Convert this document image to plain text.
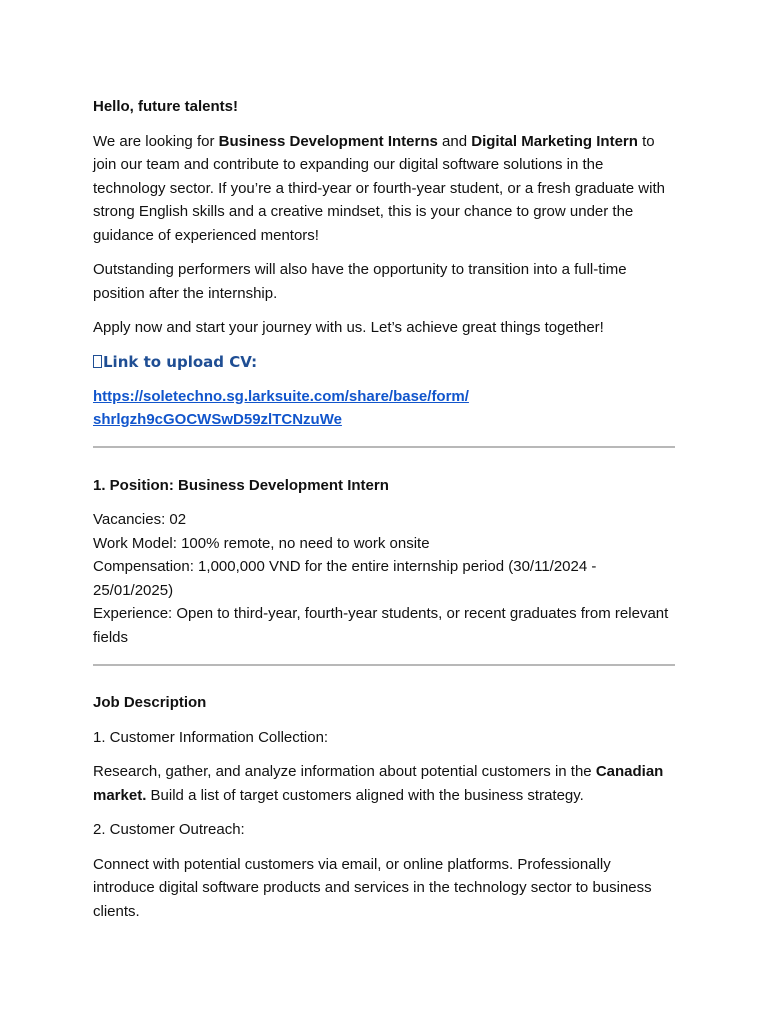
Hello, future talents!

We are looking for Business Development Interns and Digital Marketing Intern to join our team and contribute to expanding our digital software solutions in the technology sector. If you’re a third-year or fourth-year student, or a fresh graduate with strong English skills and a creative mindset, this is your chance to grow under the guidance of experienced mentors!

Outstanding performers will also have the opportunity to transition into a full-time position after the internship.

Apply now and start your journey with us. Let’s achieve great things together!

Link to upload CV:

https://soletechno.sg.larksuite.com/share/base/form/
shrlgzh9cGOCWSwD59zlTCNzuWe

1. Position: Business Development Intern

Vacancies: 02
Work Model: 100% remote, no need to work onsite
Compensation: 1,000,000 VND for the entire internship period (30/11/2024 - 25/01/2025)
Experience: Open to third-year, fourth-year students, or recent graduates from relevant fields

Job Description

1. Customer Information Collection:

Research, gather, and analyze information about potential customers in the Canadian market. Build a list of target customers aligned with the business strategy.

2. Customer Outreach:

Connect with potential customers via email, or online platforms. Professionally introduce digital software products and services in the technology sector to business clients.
